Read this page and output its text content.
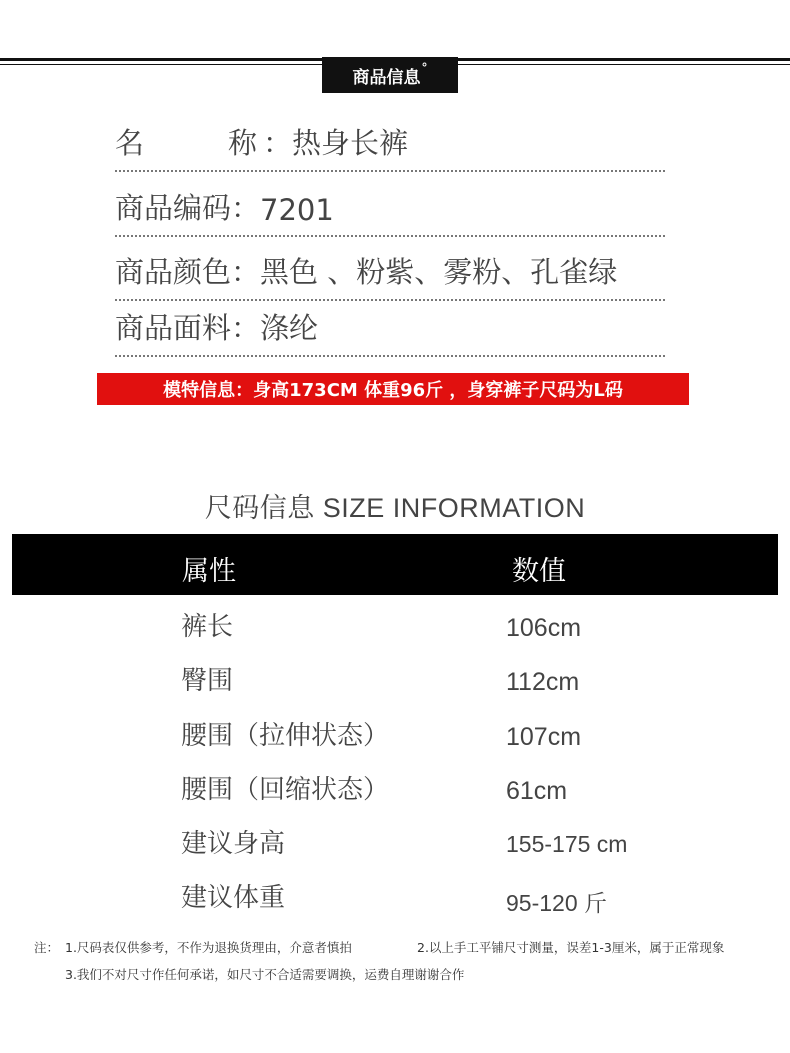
商品信息 °
名	称 ： 热身长裤
商品编码： 7201
商品颜色： 黑色 、粉紫、雾粉、孔雀绿
商品面料： 涤纶
模特信息：身高173CM 体重96斤 ，身穿裤子尺码为L码
尺码信息 SIZE INFORMATION
属性	数值
裤长	106cm
臀围	112cm
腰围（拉伸状态）	107cm
腰围（回缩状态）	61cm
建议身高	155-175 cm
建议体重	95-120 斤
注： 1.尺码表仅供参考，不作为退换货理由，介意者慎拍	2.以上手工平铺尺寸测量，误差1-3厘米，属于正常现象
3.我们不对尺寸作任何承诺，如尺寸不合适需要调换，运费自理谢谢合作
